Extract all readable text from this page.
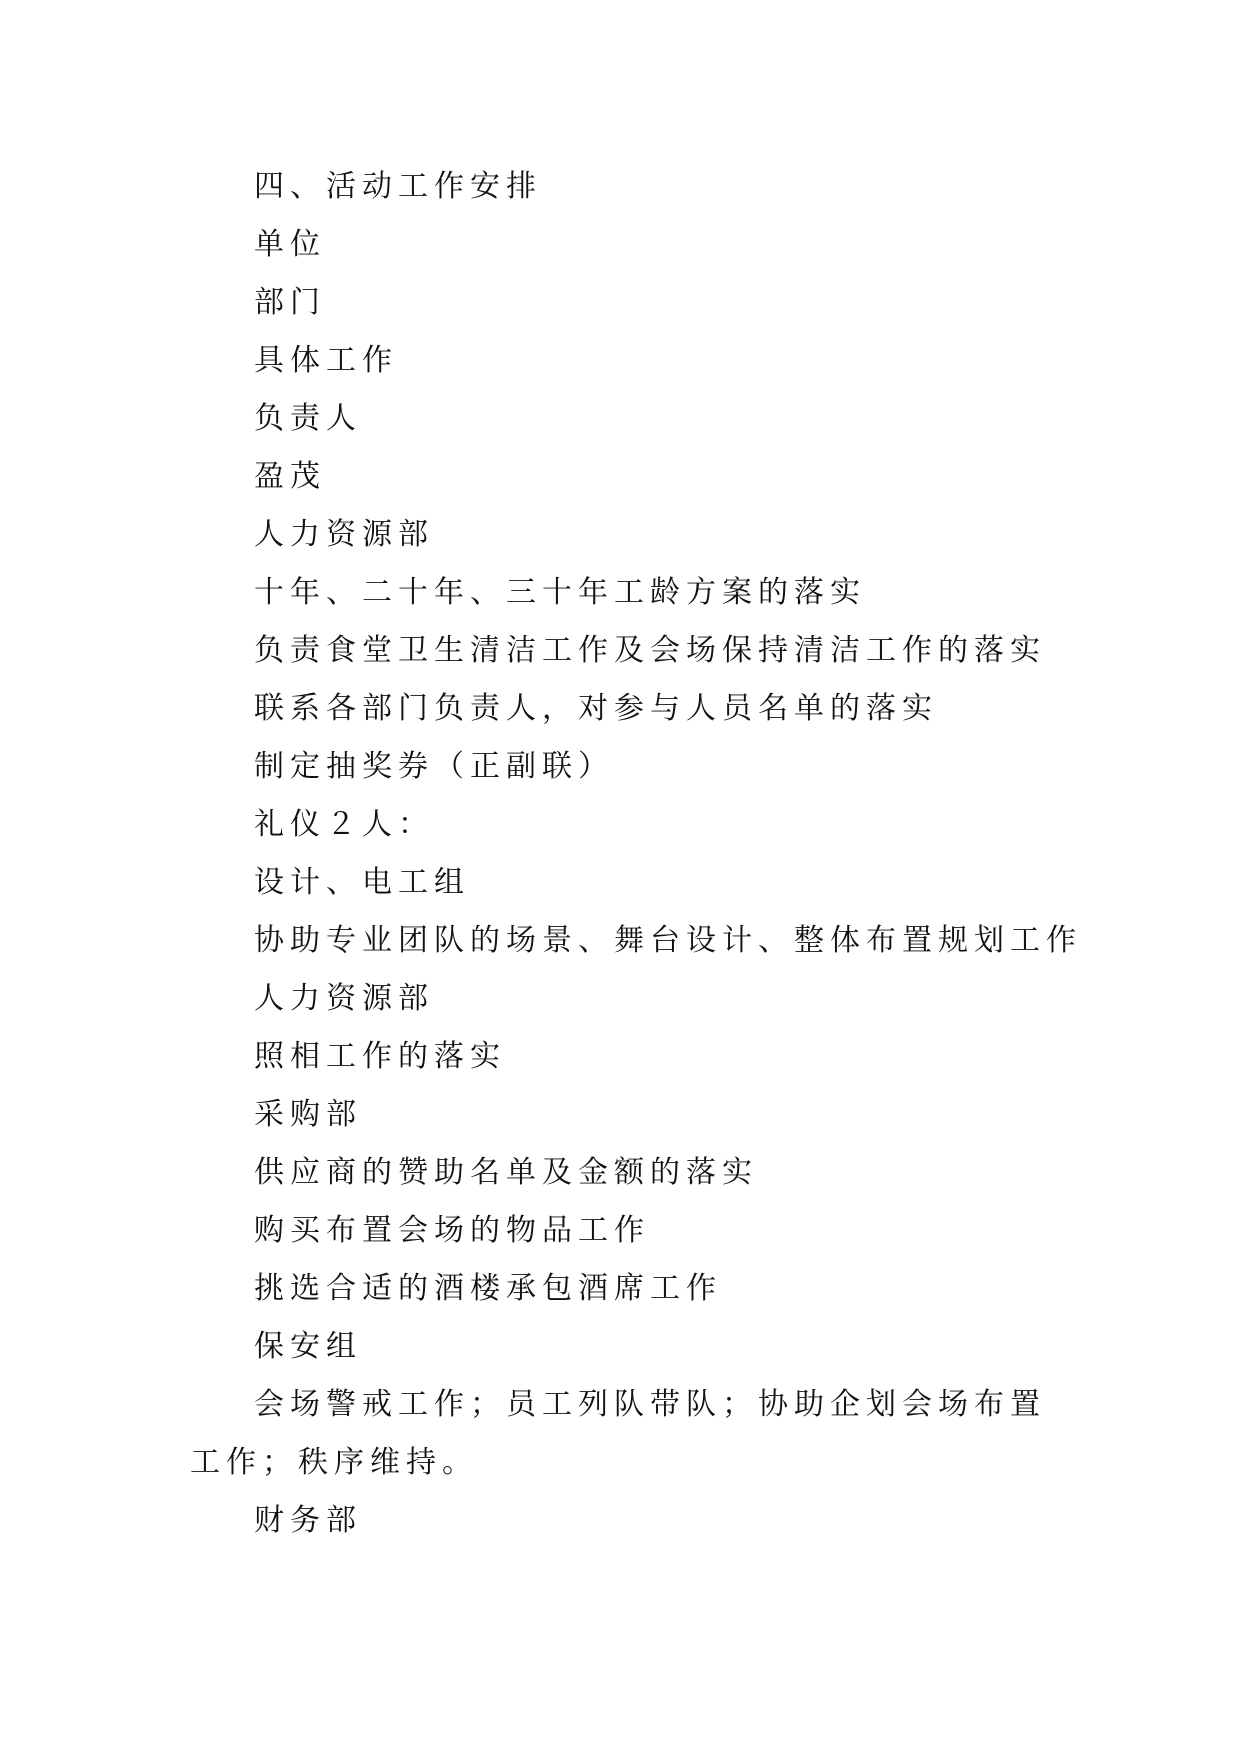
四、活动工作安排
单位
部门
具体工作
负责人
盈茂
人力资源部
十年、二十年、三十年工龄方案的落实
负责食堂卫生清洁工作及会场保持清洁工作的落实
联系各部门负责人，对参与人员名单的落实
制定抽奖券（正副联）
礼仪２人：
设计、电工组
协助专业团队的场景、舞台设计、整体布置规划工作
人力资源部
照相工作的落实
采购部
供应商的赞助名单及金额的落实
购买布置会场的物品工作
挑选合适的酒楼承包酒席工作
保安组
会场警戒工作；员工列队带队；协助企划会场布置工作；秩序维持。
财务部
